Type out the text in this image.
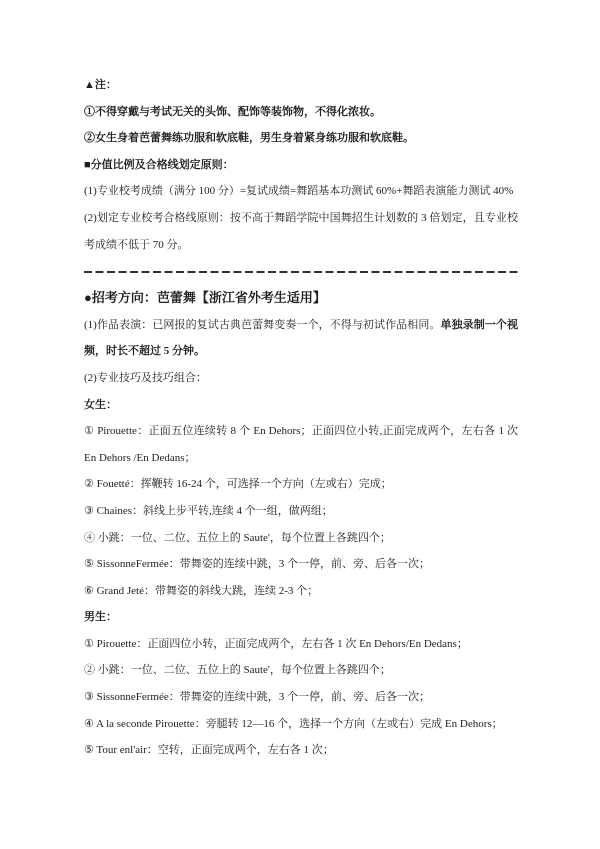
▲注：

①不得穿戴与考试无关的头饰、配饰等装饰物，不得化浓妆。

②女生身着芭蕾舞练功服和软底鞋，男生身着紧身练功服和软底鞋。

■分值比例及合格线划定原则：

(1)专业校考成绩（满分 100 分）=复试成绩=舞蹈基本功测试 60%+舞蹈表演能力测试 40%

(2)划定专业校考合格线原则：按不高于舞蹈学院中国舞招生计划数的 3 倍划定，且专业校考成绩不低于 70 分。

●招考方向：芭蕾舞【浙江省外考生适用】

(1)作品表演：已网报的复试古典芭蕾舞变奏一个，不得与初试作品相同。单独录制一个视频，时长不超过 5 分钟。

(2)专业技巧及技巧组合：

女生：

① Pirouette：正面五位连续转 8 个 En Dehors；正面四位小转,正面完成两个，左右各 1 次 En Dehors /En Dedans；

② Fouetté：挥鞭转 16-24 个，可选择一个方向（左或右）完成；

③ Chaines：斜线上步平转,连续 4 个一组，做两组；

④ 小跳：一位、二位、五位上的 Saute'，每个位置上各跳四个；

⑤ SissonneFermée：带舞姿的连续中跳，3 个一停，前、旁、后各一次；

⑥ Grand Jeté：带舞姿的斜线大跳，连续 2-3 个；

男生：

① Pirouette：正面四位小转，正面完成两个，左右各 1 次 En Dehors/En Dedans；

② 小跳：一位、二位、五位上的 Saute'，每个位置上各跳四个；

③ SissonneFermée：带舞姿的连续中跳，3 个一停，前、旁、后各一次；

④ A la seconde Pirouette：旁腿转 12—16 个，选择一个方向（左或右）完成 En Dehors；

⑤ Tour enl'air：空转，正面完成两个，左右各 1 次；
